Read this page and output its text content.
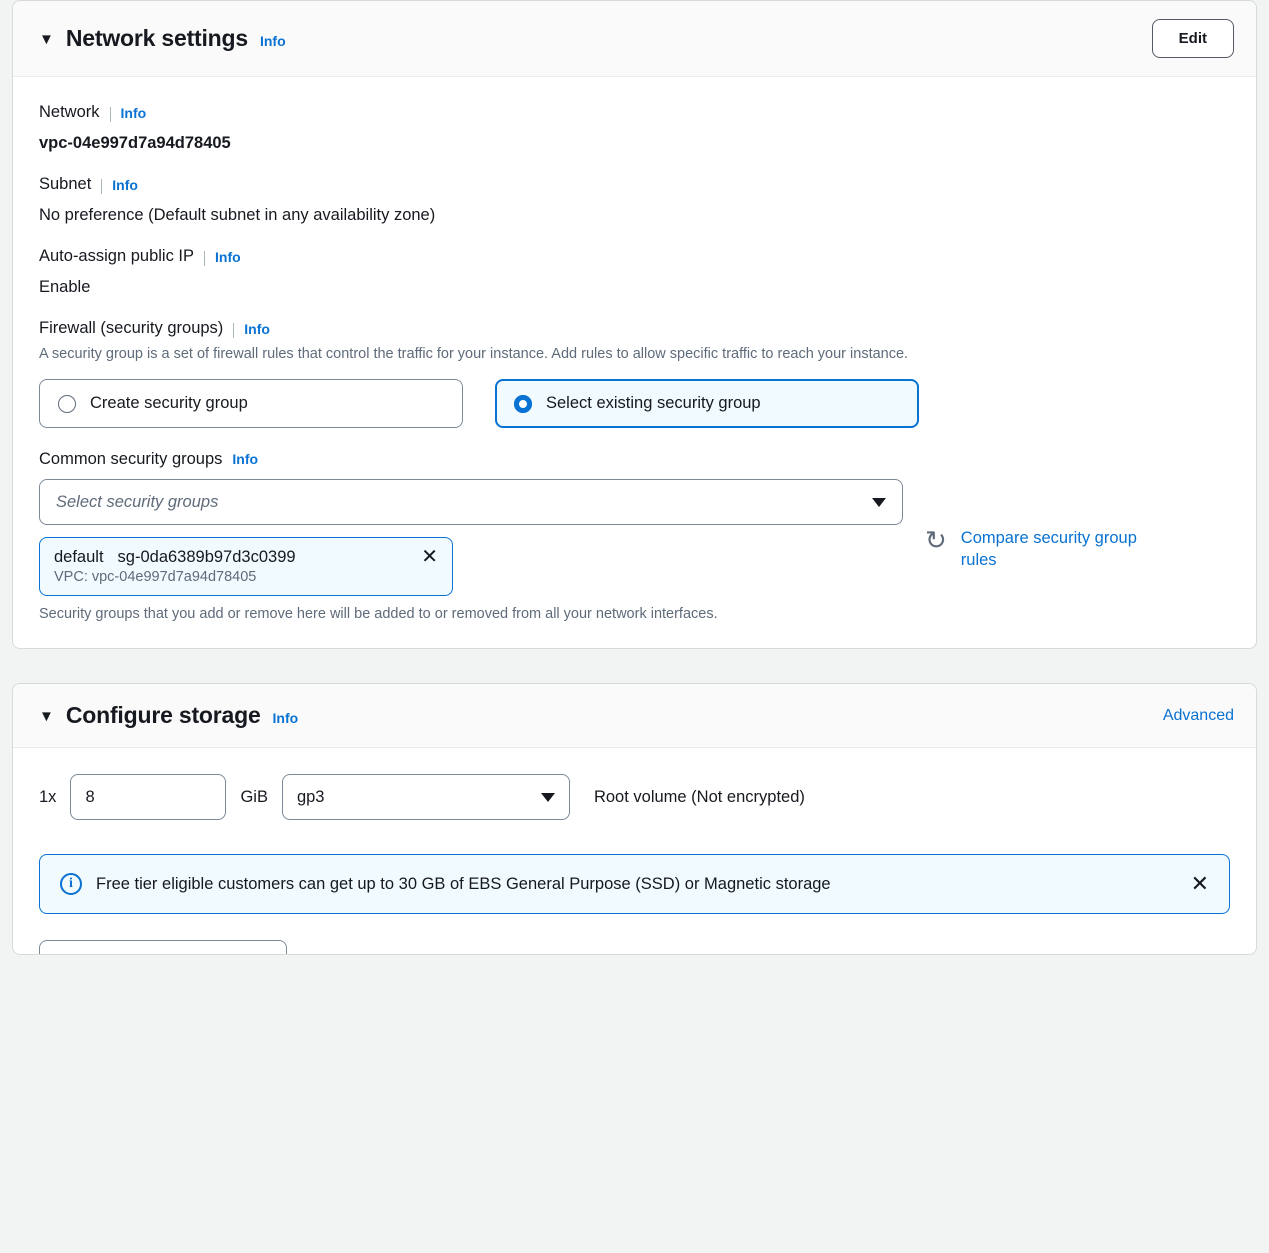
▼ Network settings Info	Edit
Network Info
vpc-04e997d7a94d78405
Subnet Info
No preference (Default subnet in any availability zone)
Auto-assign public IP Info
Enable
Firewall (security groups) Info
A security group is a set of firewall rules that control the traffic for your instance. Add rules to allow specific traffic to reach your instance.
Create security group	Select existing security group
Common security groups Info
Select security groups
default sg-0da6389b97d3c0399	✕
VPC: vpc-04e997d7a94d78405
Security groups that you add or remove here will be added to or removed from all your network interfaces.
↻ Compare security group rules
▼ Configure storage Info	Advanced
1x
8	GiB gp3	Root volume (Not encrypted)
i	Free tier eligible customers can get up to 30 GB of EBS General Purpose (SSD) or Magnetic storage	✕
